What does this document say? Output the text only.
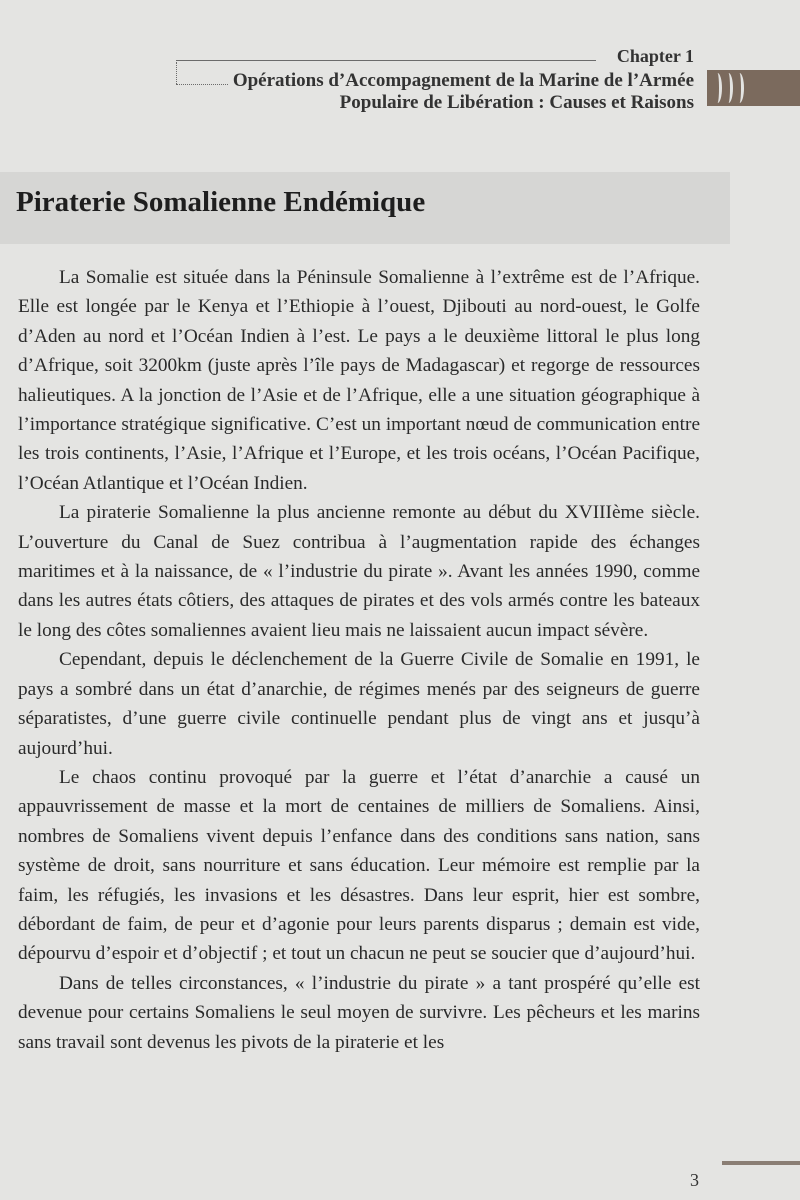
Chapter 1
Opérations d’Accompagnement de la Marine de l’Armée Populaire de Libération : Causes et Raisons
Piraterie Somalienne Endémique

La Somalie est située dans la Péninsule Somalienne à l’extrême est de l’Afrique. Elle est longée par le Kenya et l’Ethiopie à l’ouest, Djibouti au nord-ouest, le Golfe d’Aden au nord et l’Océan Indien à l’est. Le pays a le deuxième littoral le plus long d’Afrique, soit 3200km (juste après l’île pays de Madagascar) et regorge de ressources halieutiques. A la jonction de l’Asie et de l’Afrique, elle a une situation géographique à l’importance stratégique significative. C’est un important nœud de communication entre les trois continents, l’Asie, l’Afrique et l’Europe, et les trois océans, l’Océan Pacifique, l’Océan Atlantique et l’Océan Indien.

La piraterie Somalienne la plus ancienne remonte au début du XVIIIème siècle. L’ouverture du Canal de Suez contribua à l’augmentation rapide des échanges maritimes et à la naissance, de « l’industrie du pirate ». Avant les années 1990, comme dans les autres états côtiers, des attaques de pirates et des vols armés contre les bateaux le long des côtes somaliennes avaient lieu mais ne laissaient aucun impact sévère.

Cependant, depuis le déclenchement de la Guerre Civile de Somalie en 1991, le pays a sombré dans un état d’anarchie, de régimes menés par des seigneurs de guerre séparatistes, d’une guerre civile continuelle pendant plus de vingt ans et jusqu’à aujourd’hui.

Le chaos continu provoqué par la guerre et l’état d’anarchie a causé un appauvrissement de masse et la mort de centaines de milliers de Somaliens. Ainsi, nombres de Somaliens vivent depuis l’enfance dans des conditions sans nation, sans système de droit, sans nourriture et sans éducation. Leur mémoire est remplie par la faim, les réfugiés, les invasions et les désastres. Dans leur esprit, hier est sombre, débordant de faim, de peur et d’agonie pour leurs parents disparus ; demain est vide, dépourvu d’espoir et d’objectif ; et tout un chacun ne peut se soucier que d’aujourd’hui.

Dans de telles circonstances, « l’industrie du pirate » a tant prospéré qu’elle est devenue pour certains Somaliens le seul moyen de survivre. Les pêcheurs et les marins sans travail sont devenus les pivots de la piraterie et les

3
